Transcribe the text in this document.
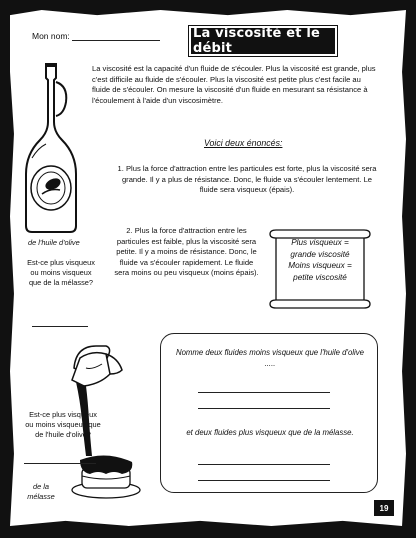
Mon nom:	La viscosité et le débit
La viscosité est la capacité d'un fluide de s'écouler. Plus la viscosité est grande, plus c'est difficile au fluide de s'écouler. Plus la viscosité est petite plus c'est facile au fluide de s'écouler. On mesure la viscosité d'un fluide en mesurant sa résistance à l'écoulement à l'aide d'un viscosimètre.
Voici deux énoncés:
1. Plus la force d'attraction entre les particules est forte, plus la viscosité sera grande. Il y a plus de résistance. Donc, le fluide va s'écouler lentement. Le fluide sera visqueux (épais).
2. Plus la force d'attraction entre les particules est faible, plus la viscosité sera petite. Il y a moins de résistance. Donc, le fluide va s'écouler rapidement. Le fluide sera moins ou peu visqueux (moins épais).
de l'huile d'olive
Est-ce plus visqueux ou moins visqueux que de la mélasse?
Plus visqueux =
grande viscosité
Moins visqueux =
petite viscosité
Est-ce plus visqueux ou moins visqueux que de l'huile d'olive?
de la mélasse
Nomme deux fluides moins visqueux que l'huile d'olive .....
et deux fluides plus visqueux que de la mélasse.
19
